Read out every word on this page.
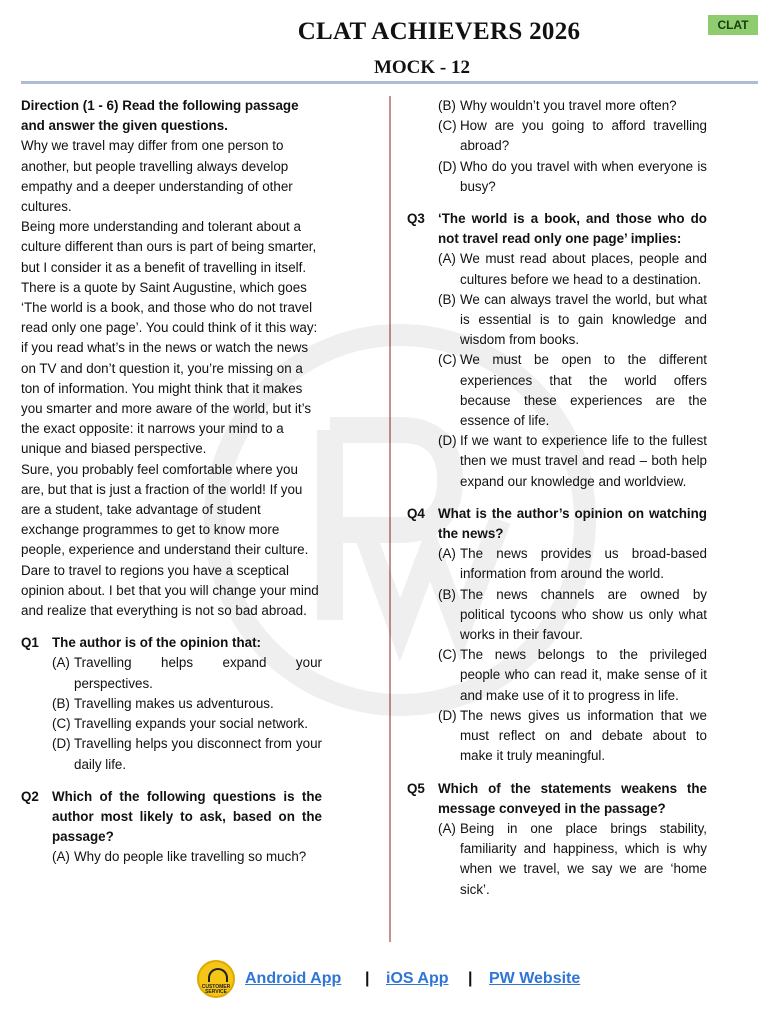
CLAT ACHIEVERS 2026
MOCK - 12
CLAT

Direction (1 - 6) Read the following passage and answer the given questions.

Why we travel may differ from one person to another, but people travelling always develop empathy and a deeper understanding of other cultures.

Being more understanding and tolerant about a culture different than ours is part of being smarter, but I consider it as a benefit of travelling in itself. There is a quote by Saint Augustine, which goes ‘The world is a book, and those who do not travel read only one page’. You could think of it this way: if you read what’s in the news or watch the news on TV and don’t question it, you’re missing on a ton of information. You might think that it makes you smarter and more aware of the world, but it’s the exact opposite: it narrows your mind to a unique and biased perspective.

Sure, you probably feel comfortable where you are, but that is just a fraction of the world! If you are a student, take advantage of student exchange programmes to get to know more people, experience and understand their culture. Dare to travel to regions you have a sceptical opinion about. I bet that you will change your mind and realize that everything is not so bad abroad.

Q1 The author is of the opinion that:
(A) Travelling helps expand your perspectives.
(B) Travelling makes us adventurous.
(C) Travelling expands your social network.
(D) Travelling helps you disconnect from your daily life.
Q2 Which of the following questions is the author most likely to ask, based on the passage?
(A) Why do people like travelling so much?
(B) Why wouldn’t you travel more often?
(C) How are you going to afford travelling abroad?
(D) Who do you travel with when everyone is busy?
Q3 ‘The world is a book, and those who do not travel read only one page’ implies:
(A) We must read about places, people and cultures before we head to a destination.
(B) We can always travel the world, but what is essential is to gain knowledge and wisdom from books.
(C) We must be open to the different experiences that the world offers because these experiences are the essence of life.
(D) If we want to experience life to the fullest then we must travel and read – both help expand our knowledge and worldview.
Q4 What is the author’s opinion on watching the news?
(A) The news provides us broad-based information from around the world.
(B) The news channels are owned by political tycoons who show us only what works in their favour.
(C) The news belongs to the privileged people who can read it, make sense of it and make use of it to progress in life.
(D) The news gives us information that we must reflect on and debate about to make it truly meaningful.
Q5 Which of the statements weakens the message conveyed in the passage?
(A) Being in one place brings stability, familiarity and happiness, which is why when we travel, we say we are ‘home sick’.
CUSTOMER SERVICE
Android App | iOS App | PW Website
